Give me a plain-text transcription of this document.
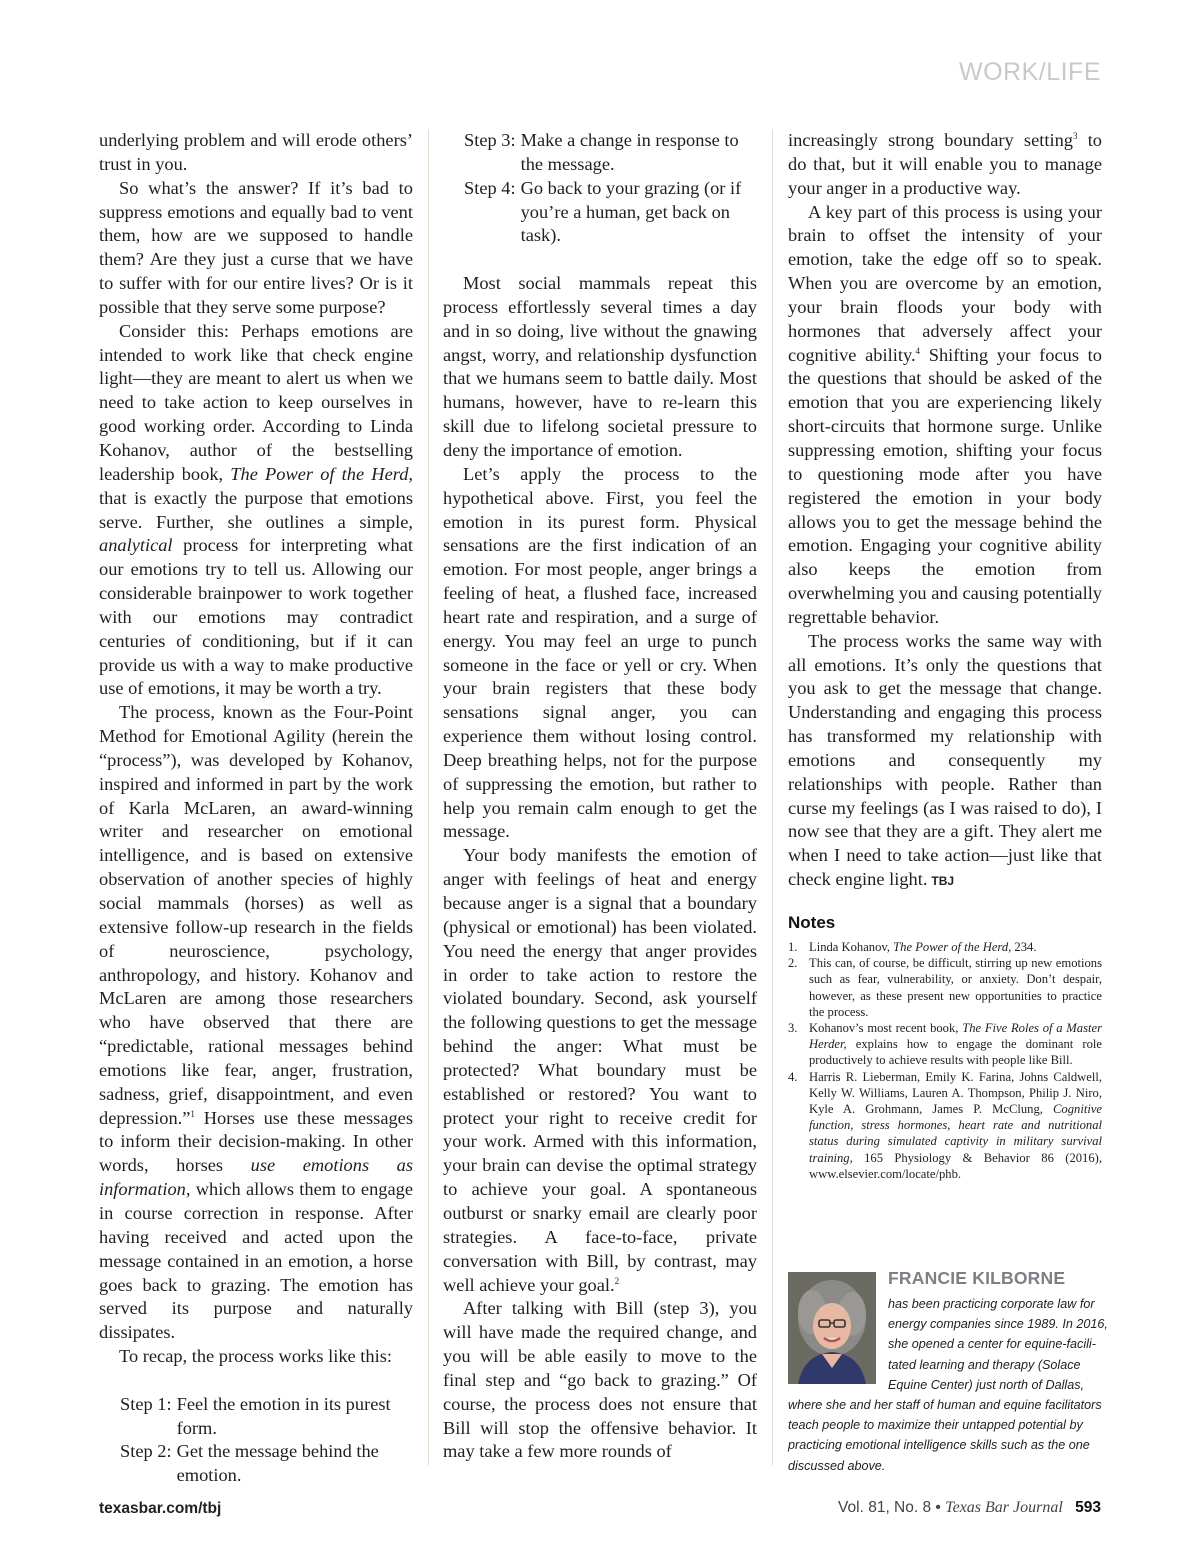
WORK/LIFE

underlying problem and will erode others’ trust in you.

So what’s the answer? If it’s bad to suppress emotions and equally bad to vent them, how are we supposed to handle them? Are they just a curse that we have to suffer with for our entire lives? Or is it possible that they serve some purpose?

Consider this: Perhaps emotions are intended to work like that check engine light—they are meant to alert us when we need to take action to keep ourselves in good working order. According to Linda Kohanov, author of the bestselling leadership book, The Power of the Herd, that is exactly the purpose that emotions serve. Further, she outlines a simple, analytical process for interpreting what our emotions try to tell us. Allowing our considerable brainpower to work together with our emotions may contradict centuries of conditioning, but if it can provide us with a way to make productive use of emotions, it may be worth a try.

The process, known as the Four-Point Method for Emotional Agility (herein the “process”), was developed by Kohanov, inspired and informed in part by the work of Karla McLaren, an award-winning writer and researcher on emotional intelligence, and is based on extensive observation of another species of highly social mammals (horses) as well as extensive follow-up research in the fields of neuroscience, psychology, anthropology, and history. Kohanov and McLaren are among those researchers who have observed that there are “predictable, rational messages behind emotions like fear, anger, frustration, sadness, grief, disappointment, and even depression.”$^1$ Horses use these messages to inform their decision-making. In other words, horses use emotions as information, which allows them to engage in course correction in response. After having received and acted upon the message contained in an emotion, a horse goes back to grazing. The emotion has served its purpose and naturally dissipates.

To recap, the process works like this:

Step 1: Feel the emotion in its purest form.
Step 2: Get the message behind the emotion.
Step 3: Make a change in response to the message.
Step 4: Go back to your grazing (or if you’re a human, get back on task).

Most social mammals repeat this process effortlessly several times a day and in so doing, live without the gnawing angst, worry, and relationship dysfunction that we humans seem to battle daily. Most humans, however, have to re-learn this skill due to lifelong societal pressure to deny the importance of emotion.

Let’s apply the process to the hypothetical above. First, you feel the emotion in its purest form. Physical sensations are the first indication of an emotion. For most people, anger brings a feeling of heat, a flushed face, increased heart rate and respiration, and a surge of energy. You may feel an urge to punch someone in the face or yell or cry. When your brain registers that these body sensations signal anger, you can experience them without losing control. Deep breathing helps, not for the purpose of suppressing the emotion, but rather to help you remain calm enough to get the message.

Your body manifests the emotion of anger with feelings of heat and energy because anger is a signal that a boundary (physical or emotional) has been violated. You need the energy that anger provides in order to take action to restore the violated boundary. Second, ask yourself the following questions to get the message behind the anger: What must be protected? What boundary must be established or restored? You want to protect your right to receive credit for your work. Armed with this information, your brain can devise the optimal strategy to achieve your goal. A spontaneous outburst or snarky email are clearly poor strategies. A face-to-face, private conversation with Bill, by contrast, may well achieve your goal.$^2$

After talking with Bill (step 3), you will have made the required change, and you will be able easily to move to the final step and “go back to grazing.” Of course, the process does not ensure that Bill will stop the offensive behavior. It may take a few more rounds of

increasingly strong boundary setting$^3$ to do that, but it will enable you to manage your anger in a productive way.

A key part of this process is using your brain to offset the intensity of your emotion, take the edge off so to speak. When you are overcome by an emotion, your brain floods your body with hormones that adversely affect your cognitive ability.$^4$ Shifting your focus to the questions that should be asked of the emotion that you are experiencing likely short-circuits that hormone surge. Unlike suppressing emotion, shifting your focus to questioning mode after you have registered the emotion in your body allows you to get the message behind the emotion. Engaging your cognitive ability also keeps the emotion from overwhelming you and causing potentially regrettable behavior.

The process works the same way with all emotions. It’s only the questions that you ask to get the message that change. Understanding and engaging this process has transformed my relationship with emotions and consequently my relationships with people. Rather than curse my feelings (as I was raised to do), I now see that they are a gift. They alert me when I need to take action—just like that check engine light. TBJ

Notes
1. Linda Kohanov, The Power of the Herd, 234.
2. This can, of course, be difficult, stirring up new emotions such as fear, vulnerability, or anxiety. Don’t despair, however, as these present new opportunities to practice the process.
3. Kohanov’s most recent book, The Five Roles of a Master Herder, explains how to engage the dominant role productively to achieve results with people like Bill.
4. Harris R. Lieberman, Emily K. Farina, Johns Caldwell, Kelly W. Williams, Lauren A. Thompson, Philip J. Niro, Kyle A. Grohmann, James P. McClung, Cognitive function, stress hormones, heart rate and nutritional status during simulated captivity in military survival training, 165 Physiology & Behavior 86 (2016), www.elsevier.com/locate/phb.
FRANCIE KILBORNE
has been practicing corporate law for
energy companies since 1989. In 2016,
she opened a center for equine-facili-
tated learning and therapy (Solace
Equine Center) just north of Dallas,
where she and her staff of human and equine facilitators
teach people to maximize their untapped potential by
practicing emotional intelligence skills such as the one
discussed above.
texasbar.com/tbj	Vol. 81, No. 8 • Texas Bar Journal 593
